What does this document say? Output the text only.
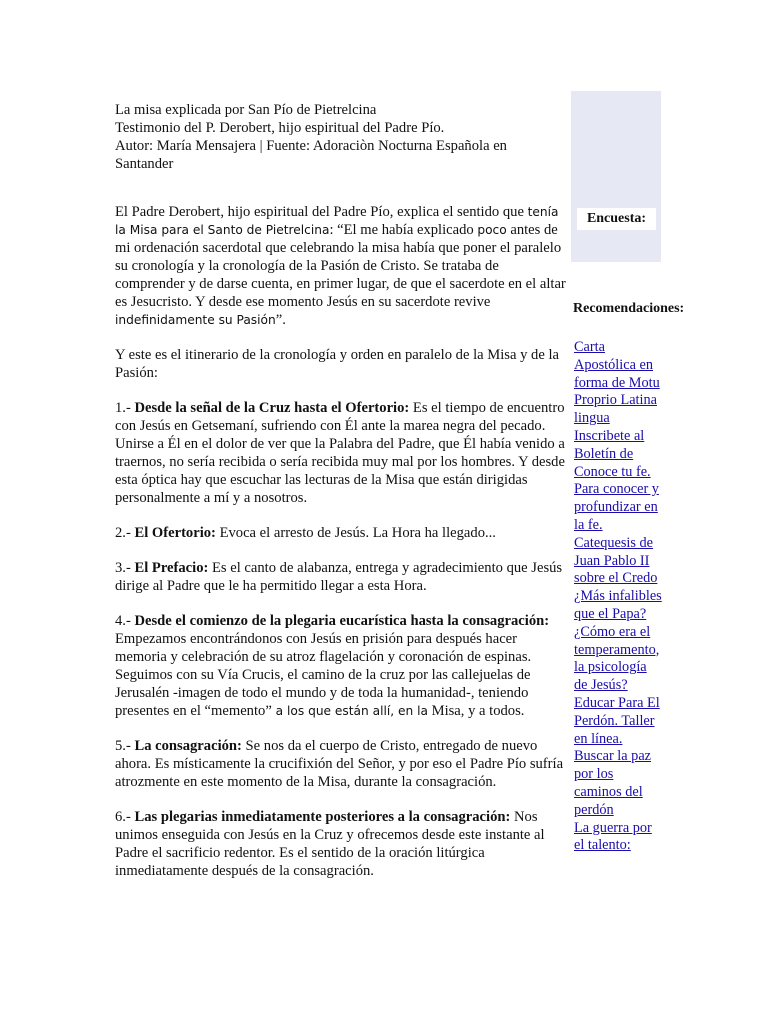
La misa explicada por San Pío de Pietrelcina

Testimonio del P. Derobert, hijo espiritual del Padre Pío.

Autor: María Mensajera | Fuente: Adoraciòn Nocturna Española en Santander

El Padre Derobert, hijo espiritual del Padre Pío, explica el sentido que tenía la Misa para el Santo de Pietrelcina: “El me había explicado poco antes de mi ordenación sacerdotal que celebrando la misa había que poner el paralelo su cronología y la cronología de la Pasión de Cristo. Se trataba de comprender y de darse cuenta, en primer lugar, de que el sacerdote en el altar es Jesucristo. Y desde ese momento Jesús en su sacerdote revive indefinidamente su Pasión”.

Y este es el itinerario de la cronología y orden en paralelo de la Misa y de la Pasión:

1.- Desde la señal de la Cruz hasta el Ofertorio: Es el tiempo de encuentro con Jesús en Getsemaní, sufriendo con Él ante la marea negra del pecado. Unirse a Él en el dolor de ver que la Palabra del Padre, que Él había venido a traernos, no sería recibida o sería recibida muy mal por los hombres. Y desde esta óptica hay que escuchar las lecturas de la Misa que están dirigidas personalmente a mí y a nosotros.

2.- El Ofertorio: Evoca el arresto de Jesús. La Hora ha llegado...

3.- El Prefacio: Es el canto de alabanza, entrega y agradecimiento que Jesús dirige al Padre que le ha permitido llegar a esta Hora.

4.- Desde el comienzo de la plegaria eucarística hasta la consagración: Empezamos encontrándonos con Jesús en prisión para después hacer memoria y celebración de su atroz flagelación y coronación de espinas. Seguimos con su Vía Crucis, el camino de la cruz por las callejuelas de Jerusalén -imagen de todo el mundo y de toda la humanidad-, teniendo presentes en el “memento” a los que están allí, en la Misa, y a todos.

5.- La consagración: Se nos da el cuerpo de Cristo, entregado de nuevo ahora. Es místicamente la crucifixión del Señor, y por eso el Padre Pío sufría atrozmente en este momento de la Misa, durante la consagración.

6.- Las plegarias inmediatamente posteriores a la consagración: Nos unimos enseguida con Jesús en la Cruz y ofrecemos desde este instante al Padre el sacrificio redentor. Es el sentido de la oración litúrgica inmediatamente después de la consagración.

Encuesta:
Recomendaciones:
Carta Apostólica en forma de Motu Proprio Latina lingua
Inscribete al Boletín de Conoce tu fe.
Para conocer y profundizar en la fe.
Catequesis de Juan Pablo II sobre el Credo
¿Más infalibles que el Papa?
¿Cómo era el temperamento, la psicología de Jesús?
Educar Para El Perdón. Taller en línea.
Buscar la paz por los caminos del perdón
La guerra por el talento:
